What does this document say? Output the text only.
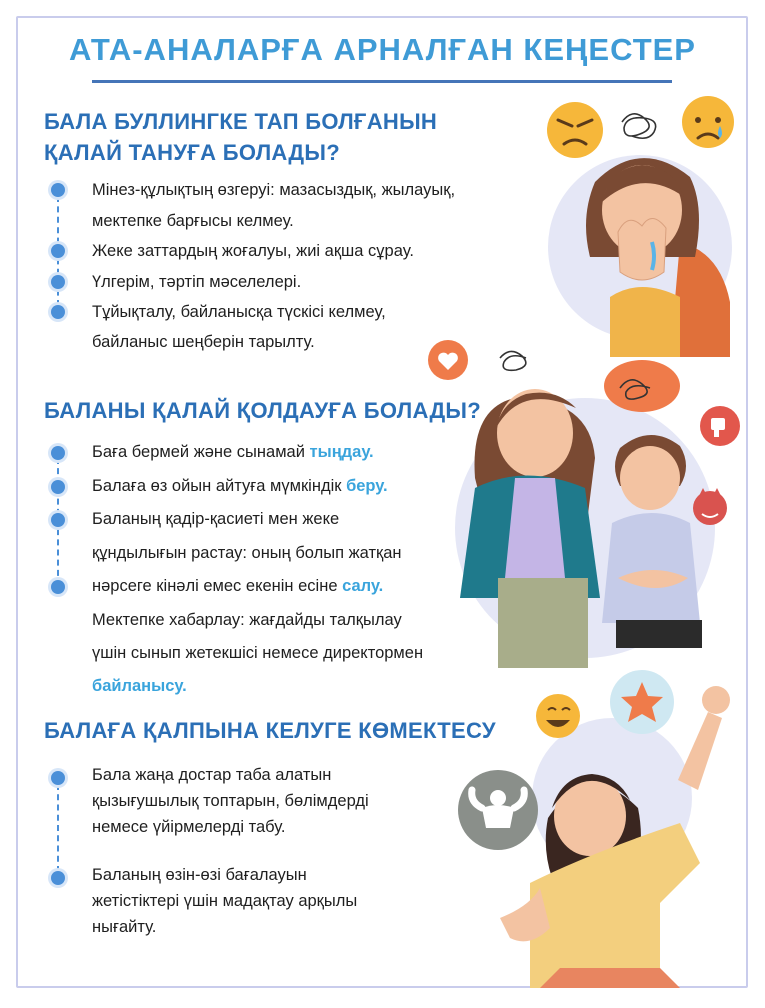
АТА-АНАЛАРҒА АРНАЛҒАН КЕҢЕСТЕР
БАЛА БУЛЛИНГКЕ ТАП БОЛҒАНЫН
ҚАЛАЙ ТАНУҒА БОЛАДЫ?
Мінез-құлықтың өзгеруі: мазасыздық, жылауық,
мектепке барғысы келмеу.
Жеке заттардың жоғалуы, жиі ақша сұрау.
Үлгерім, тәртіп мәселелері.
Тұйықталу, байланысқа түскісі келмеу,
байланыс шеңберін тарылту.
БАЛАНЫ ҚАЛАЙ ҚОЛДАУҒА БОЛАДЫ?
Баға бермей және сынамай тыңдау.
Балаға өз ойын айтуға мүмкіндік беру.
Баланың қадір-қасиеті мен жеке
құндылығын растау: оның болып жатқан
нәрсеге кінәлі емес екенін есіне салу.
Мектепке хабарлау: жағдайды талқылау
үшін сынып жетекшісі немесе директормен
байланысу.
БАЛАҒА ҚАЛПЫНА КЕЛУГЕ КӨМЕКТЕСУ
Бала жаңа достар таба алатын
қызығушылық топтарын, бөлімдерді
немесе үйірмелерді табу.
Баланың өзін-өзі бағалауын
жетістіктері үшін мадақтау арқылы
нығайту.
